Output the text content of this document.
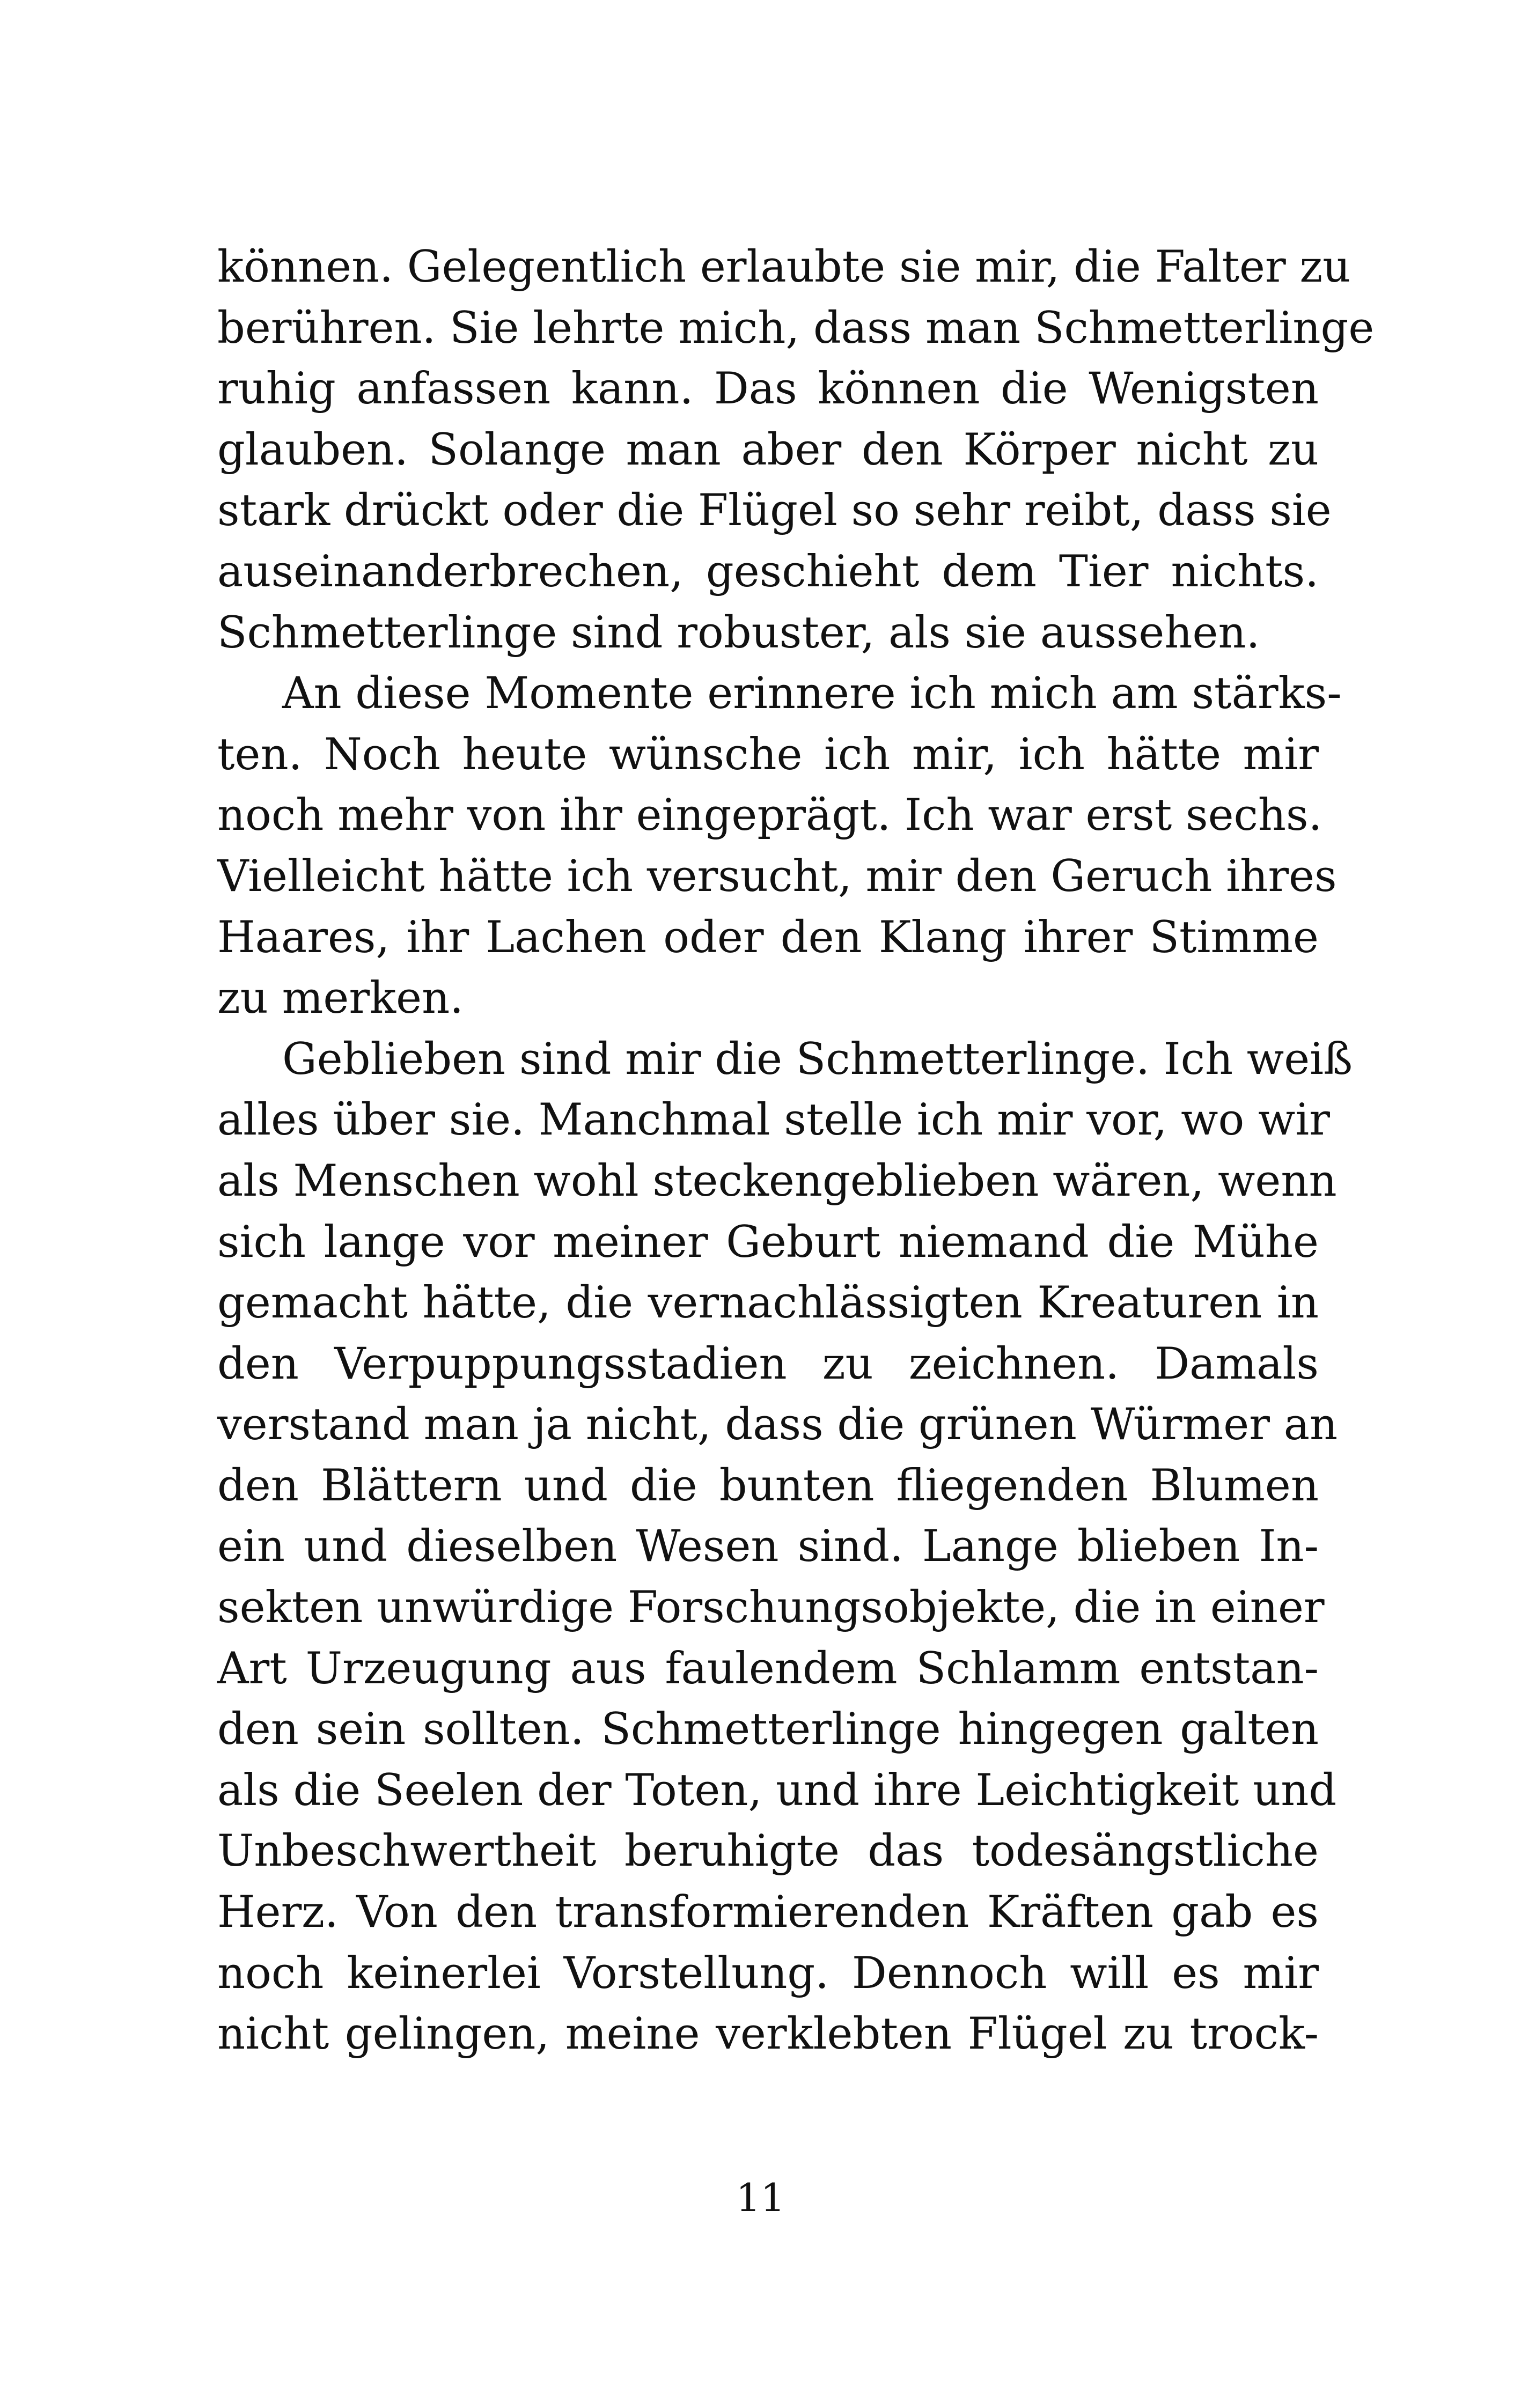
können. Gelegentlich erlaubte sie mir, die Falter zu
berühren. Sie lehrte mich, dass man Schmetterlinge
ruhig anfassen kann. Das können die Wenigsten
glauben. Solange man aber den Körper nicht zu
stark drückt oder die Flügel so sehr reibt, dass sie
auseinanderbrechen, geschieht dem Tier nichts.
Schmetterlinge sind robuster, als sie aussehen.
An diese Momente erinnere ich mich am stärks-
ten. Noch heute wünsche ich mir, ich hätte mir
noch mehr von ihr eingeprägt. Ich war erst sechs.
Vielleicht hätte ich versucht, mir den Geruch ihres
Haares, ihr Lachen oder den Klang ihrer Stimme
zu merken.
Geblieben sind mir die Schmetterlinge. Ich weiß
alles über sie. Manchmal stelle ich mir vor, wo wir
als Menschen wohl steckengeblieben wären, wenn
sich lange vor meiner Geburt niemand die Mühe
gemacht hätte, die vernachlässigten Kreaturen in
den Verpuppungsstadien zu zeichnen. Damals
verstand man ja nicht, dass die grünen Würmer an
den Blättern und die bunten fliegenden Blumen
ein und dieselben Wesen sind. Lange blieben In-
sekten unwürdige Forschungsobjekte, die in einer
Art Urzeugung aus faulendem Schlamm entstan-
den sein sollten. Schmetterlinge hingegen galten
als die Seelen der Toten, und ihre Leichtigkeit und
Unbeschwertheit beruhigte das todesängstliche
Herz. Von den transformierenden Kräften gab es
noch keinerlei Vorstellung. Dennoch will es mir
nicht gelingen, meine verklebten Flügel zu trock-
11
